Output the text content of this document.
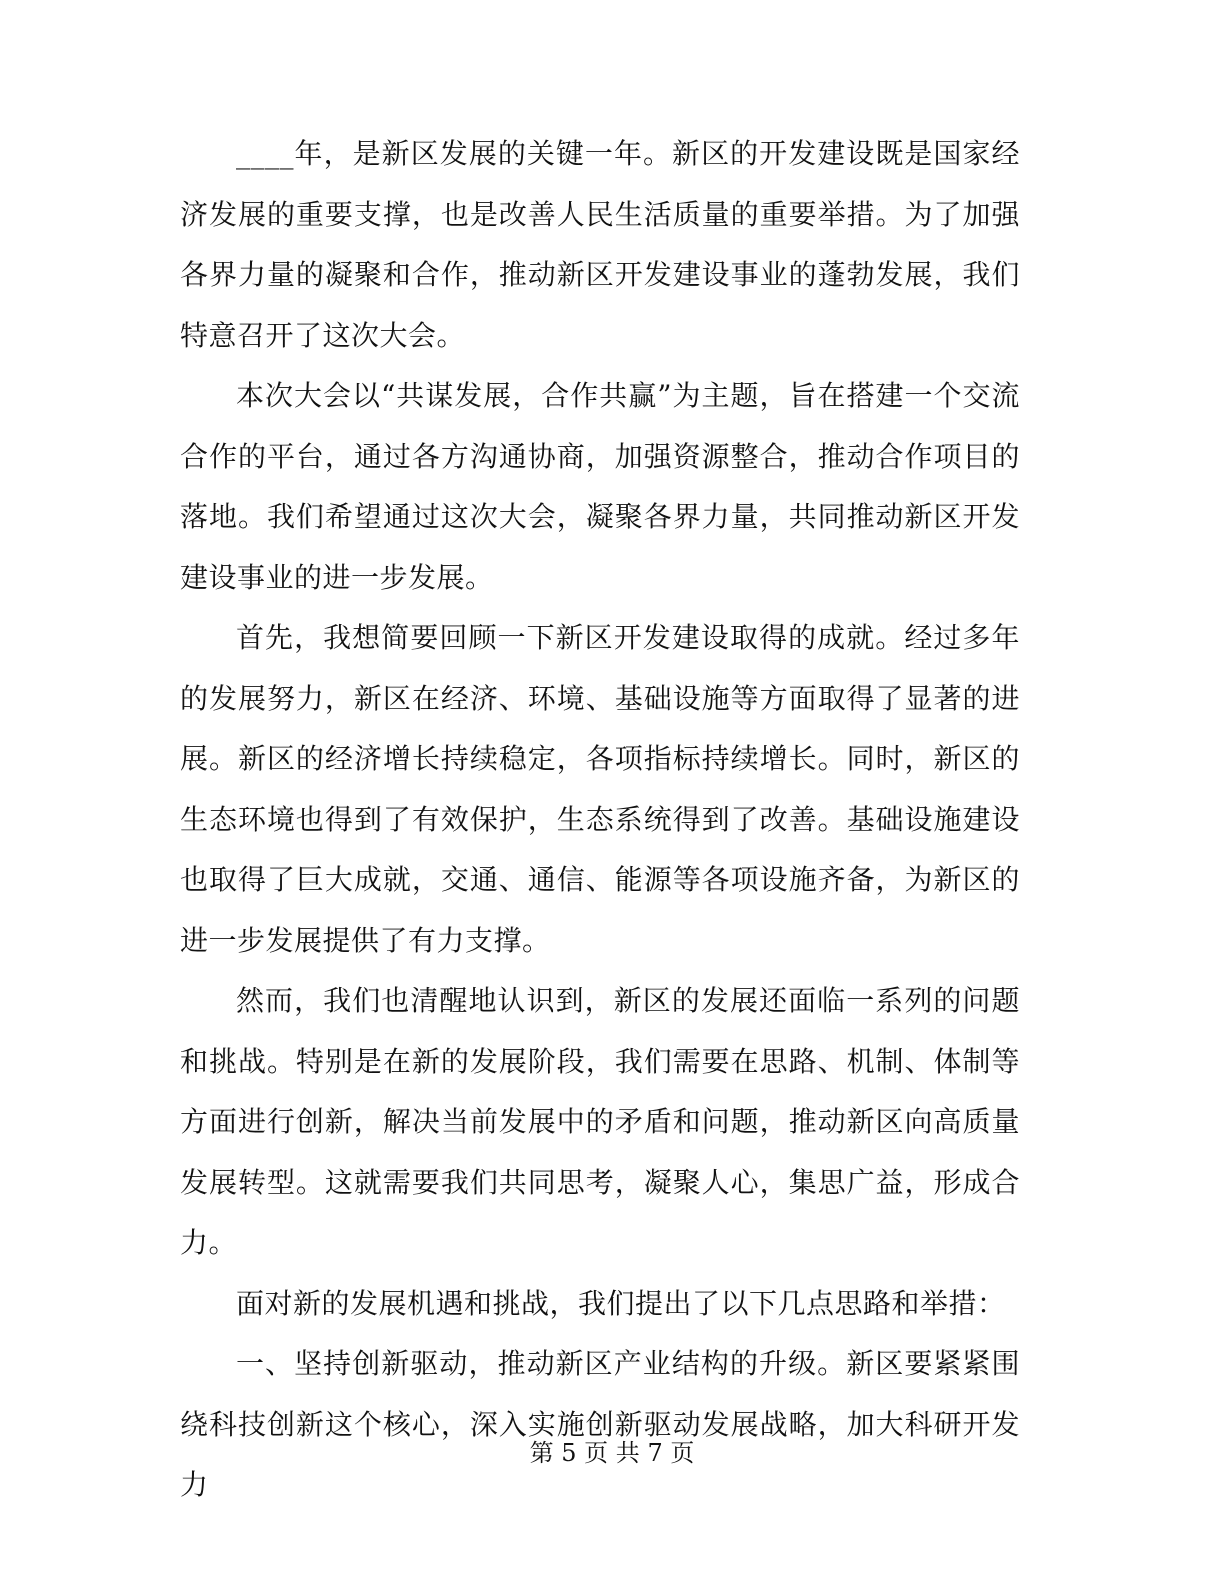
____年，是新区发展的关键一年。新区的开发建设既是国家经济发展的重要支撑，也是改善人民生活质量的重要举措。为了加强各界力量的凝聚和合作，推动新区开发建设事业的蓬勃发展，我们特意召开了这次大会。

本次大会以“共谋发展，合作共赢”为主题，旨在搭建一个交流合作的平台，通过各方沟通协商，加强资源整合，推动合作项目的落地。我们希望通过这次大会，凝聚各界力量，共同推动新区开发建设事业的进一步发展。

首先，我想简要回顾一下新区开发建设取得的成就。经过多年的发展努力，新区在经济、环境、基础设施等方面取得了显著的进展。新区的经济增长持续稳定，各项指标持续增长。同时，新区的生态环境也得到了有效保护，生态系统得到了改善。基础设施建设也取得了巨大成就，交通、通信、能源等各项设施齐备，为新区的进一步发展提供了有力支撑。

然而，我们也清醒地认识到，新区的发展还面临一系列的问题和挑战。特别是在新的发展阶段，我们需要在思路、机制、体制等方面进行创新，解决当前发展中的矛盾和问题，推动新区向高质量发展转型。这就需要我们共同思考，凝聚人心，集思广益，形成合力。

面对新的发展机遇和挑战，我们提出了以下几点思路和举措：

一、坚持创新驱动，推动新区产业结构的升级。新区要紧紧围绕科技创新这个核心，深入实施创新驱动发展战略，加大科研开发力

第 5 页 共 7 页
